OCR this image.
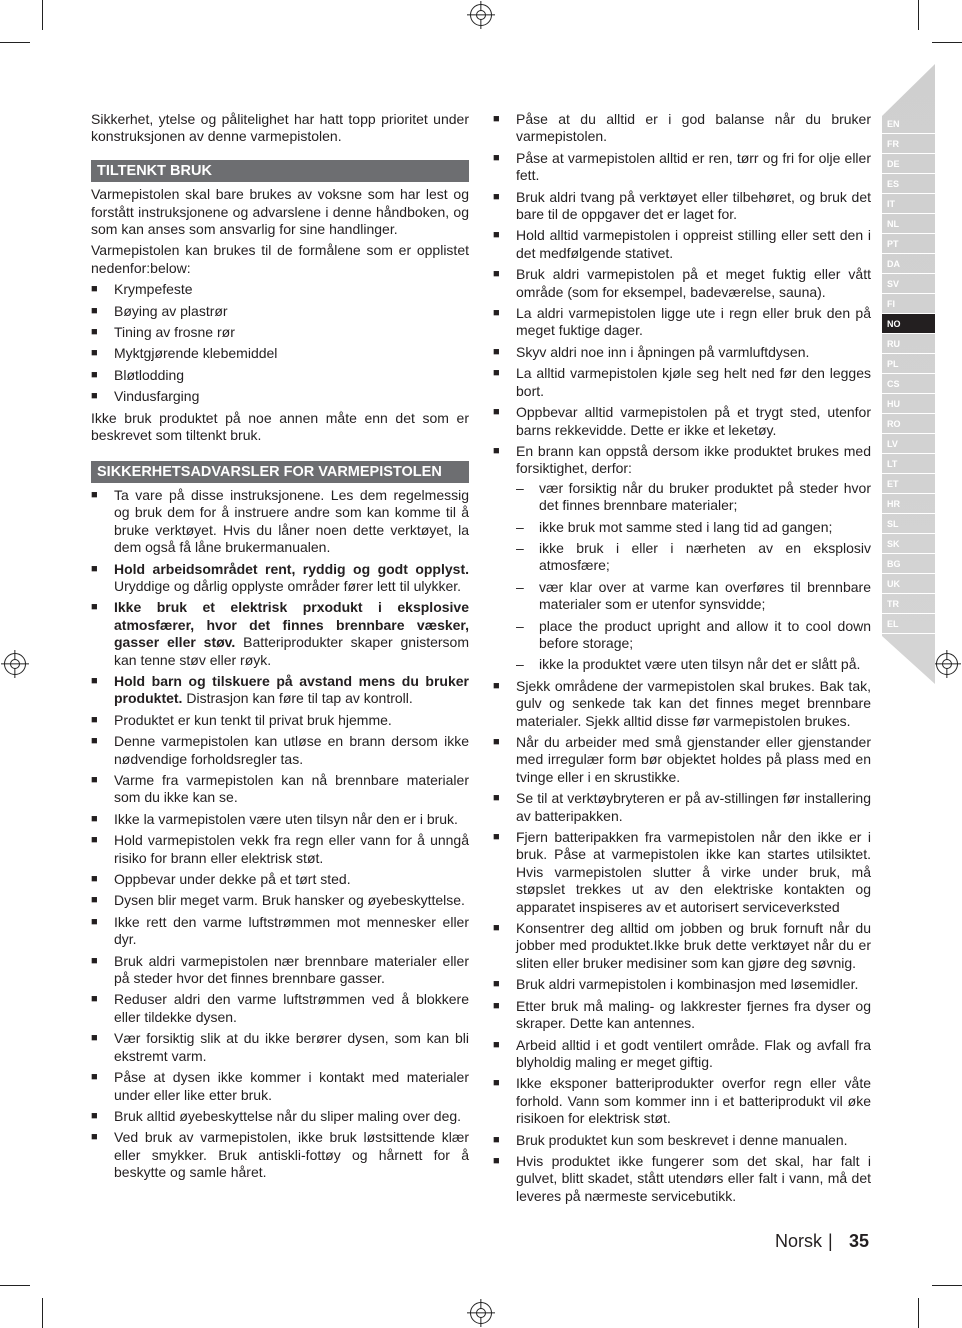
EN
FR
DE
ES
IT
NL
PT
DA
SV
FI
NO
RU
PL
CS
HU
RO
LV
LT
ET
HR
SL
SK
BG
UK
TR
EL

Sikkerhet, ytelse og pålitelighet har hatt topp prioritet under konstruksjonen av denne varmepistolen.

TILTENKT BRUK

Varmepistolen skal bare brukes av voksne som har lest og forstått instruksjonene og advarslene i denne håndboken, og som kan anses som ansvarlig for sine handlinger.

Varmepistolen kan brukes til de formålene som er opplistet nedenfor:below:

■ Krympefeste
■ Bøying av plastrør
■ Tining av frosne rør
■ Myktgjørende klebemiddel
■ Bløtlodding
■ Vindusfarging

Ikke bruk produktet på noe annen måte enn det som er beskrevet som tiltenkt bruk.

SIKKERHETSADVARSLER FOR VARMEPISTOLEN
■ Ta vare på disse instruksjonene. Les dem regelmessig og bruk dem for å instruere andre som kan komme til å bruke verktøyet. Hvis du låner noen dette verktøyet, la dem også få låne brukermanualen.
■ Hold arbeidsområdet rent, ryddig og godt opplyst. Uryddige og dårlig opplyste områder fører lett til ulykker.
■ Ikke bruk et elektrisk prxodukt i eksplosive atmosfærer, hvor det finnes brennbare væsker, gasser eller støv. Batteriprodukter skaper gnistersom kan tenne støv eller røyk.
■ Hold barn og tilskuere på avstand mens du bruker produktet. Distrasjon kan føre til tap av kontroll.
■ Produktet er kun tenkt til privat bruk hjemme.
■ Denne varmepistolen kan utløse en brann dersom ikke nødvendige forholdsregler tas.
■ Varme fra varmepistolen kan nå brennbare materialer som du ikke kan se.
■ Ikke la varmepistolen være uten tilsyn når den er i bruk.
■ Hold varmepistolen vekk fra regn eller vann for å unngå risiko for brann eller elektrisk støt.
■ Oppbevar under dekke på et tørt sted.
■ Dysen blir meget varm. Bruk hansker og øyebeskyttelse.
■ Ikke rett den varme luftstrømmen mot mennesker eller dyr.
■ Bruk aldri varmepistolen nær brennbare materialer eller på steder hvor det finnes brennbare gasser.
■ Reduser aldri den varme luftstrømmen ved å blokkere eller tildekke dysen.
■ Vær forsiktig slik at du ikke berører dysen, som kan bli ekstremt varm.
■ Påse at dysen ikke kommer i kontakt med materialer under eller like etter bruk.
■ Bruk alltid øyebeskyttelse når du sliper maling over deg.
■ Ved bruk av varmepistolen, ikke bruk løstsittende klær eller smykker. Bruk antiskli-fottøy og hårnett for å beskytte og samle håret.
■ Påse at du alltid er i god balanse når du bruker varmepistolen.
■ Påse at varmepistolen alltid er ren, tørr og fri for olje eller fett.
■ Bruk aldri tvang på verktøyet eller tilbehøret, og bruk det bare til de oppgaver det er laget for.
■ Hold alltid varmepistolen i oppreist stilling eller sett den i det medfølgende stativet.
■ Bruk aldri varmepistolen på et meget fuktig eller vått område (som for eksempel, badeværelse, sauna).
■ La aldri varmepistolen ligge ute i regn eller bruk den på meget fuktige dager.
■ Skyv aldri noe inn i åpningen på varmluftdysen.
■ La alltid varmepistolen kjøle seg helt ned før den legges bort.
■ Oppbevar alltid varmepistolen på et trygt sted, utenfor barns rekkevidde. Dette er ikke et leketøy.
■ En brann kan oppstå dersom ikke produktet brukes med forsiktighet, derfor:
– vær forsiktig når du bruker produktet på steder hvor det finnes brennbare materialer;
– ikke bruk mot samme sted i lang tid ad gangen;
– ikke bruk i eller i nærheten av en eksplosiv atmosfære;
– vær klar over at varme kan overføres til brennbare materialer som er utenfor synsvidde;
– place the product upright and allow it to cool down before storage;
– ikke la produktet være uten tilsyn når det er slått på.
■ Sjekk områdene der varmepistolen skal brukes. Bak tak, gulv og senkede tak kan det finnes meget brennbare materialer. Sjekk alltid disse før varmepistolen brukes.
■ Når du arbeider med små gjenstander eller gjenstander med irregulær form bør objektet holdes på plass med en tvinge eller i en skrustikke.
■ Se til at verktøybryteren er på av-stillingen før installering av batteripakken.
■ Fjern batteripakken fra varmepistolen når den ikke er i bruk. Påse at varmepistolen ikke kan startes utilsiktet. Hvis varmepistolen slutter å virke under bruk, må støpslet trekkes ut av den elektriske kontakten og apparatet inspiseres av et autorisert serviceverksted
■ Konsentrer deg alltid om jobben og bruk fornuft når du jobber med produktet.Ikke bruk dette verktøyet når du er sliten eller bruker medisiner som kan gjøre deg søvnig.
■ Bruk aldri varmepistolen i kombinasjon med løsemidler.
■ Etter bruk må maling- og lakkrester fjernes fra dyser og skraper. Dette kan antennes.
■ Arbeid alltid i et godt ventilert område. Flak og avfall fra blyholdig maling er meget giftig.
■ Ikke eksponer batteriprodukter overfor regn eller våte forhold. Vann som kommer inn i et batteriprodukt vil øke risikoen for elektrisk støt.
■ Bruk produktet kun som beskrevet i denne manualen.
■ Hvis produktet ikke fungerer som det skal, har falt i gulvet, blitt skadet, stått utendørs eller falt i vann, må det leveres på nærmeste servicebutikk.
Norsk | 35
